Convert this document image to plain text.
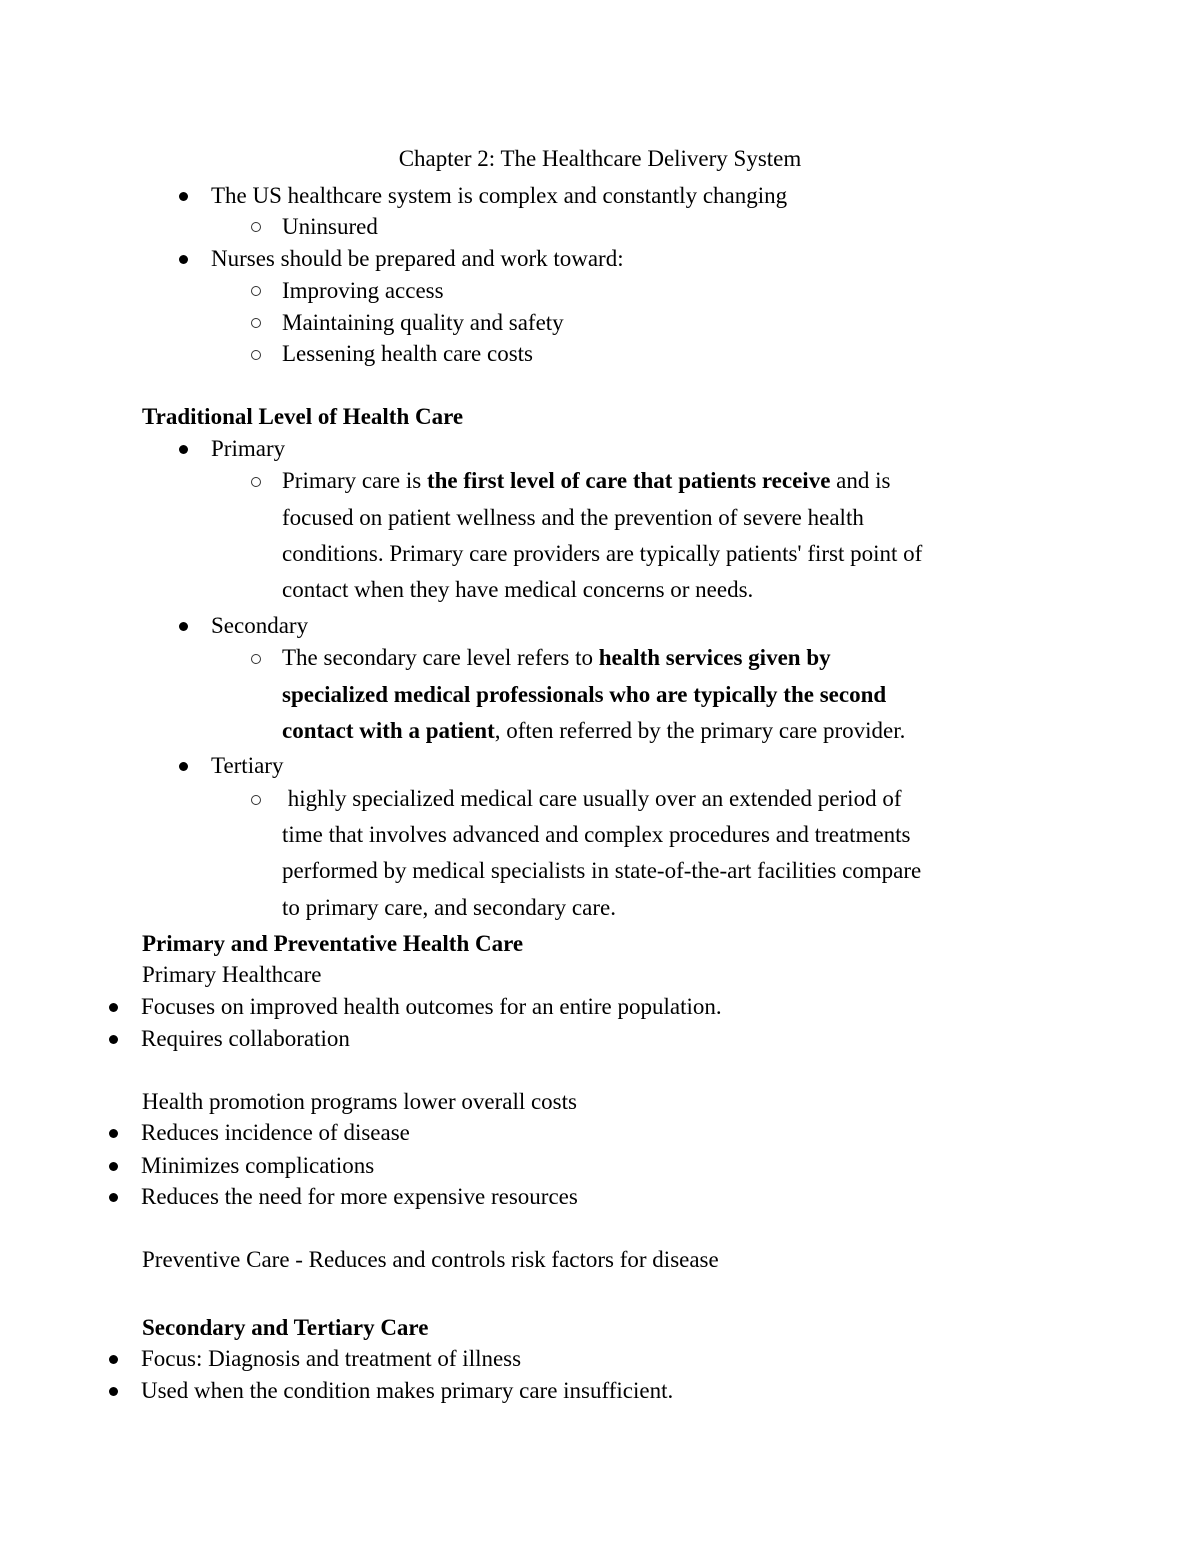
Chapter 2: The Healthcare Delivery System
The US healthcare system is complex and constantly changing
Uninsured
Nurses should be prepared and work toward:
Improving access
Maintaining quality and safety
Lessening health care costs
Traditional Level of Health Care
Primary
Primary care is the first level of care that patients receive and is
focused on patient wellness and the prevention of severe health
conditions. Primary care providers are typically patients' first point of
contact when they have medical concerns or needs.
Secondary
The secondary care level refers to health services given by
specialized medical professionals who are typically the second
contact with a patient, often referred by the primary care provider.
Tertiary
highly specialized medical care usually over an extended period of
time that involves advanced and complex procedures and treatments
performed by medical specialists in state-of-the-art facilities compare
to primary care, and secondary care.
Primary and Preventative Health Care
Primary Healthcare
Focuses on improved health outcomes for an entire population.
Requires collaboration
Health promotion programs lower overall costs
Reduces incidence of disease
Minimizes complications
Reduces the need for more expensive resources
Preventive Care - Reduces and controls risk factors for disease
Secondary and Tertiary Care
Focus: Diagnosis and treatment of illness
Used when the condition makes primary care insufficient.
